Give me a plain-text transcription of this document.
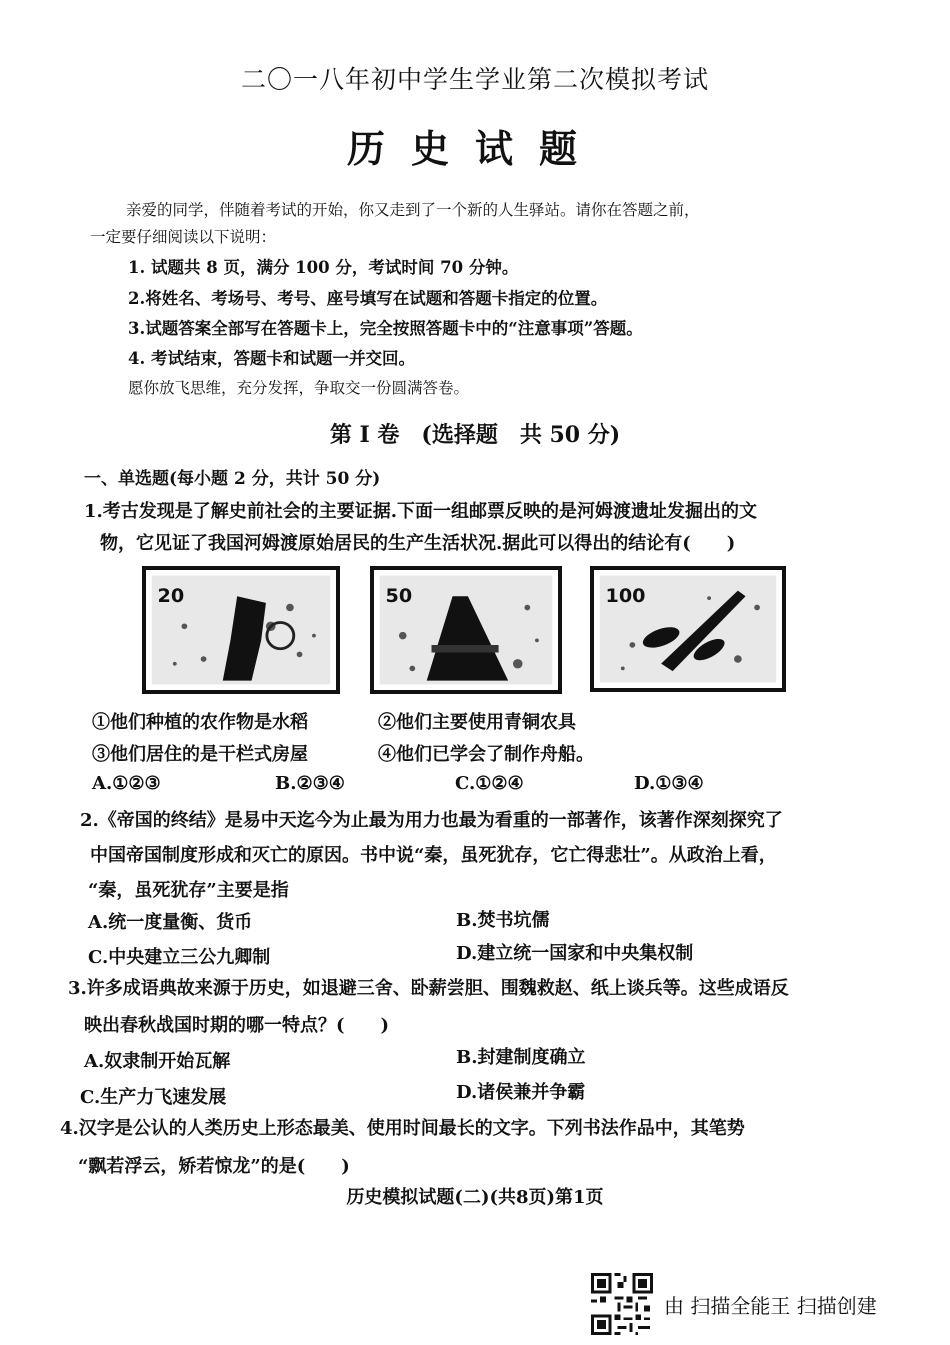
二〇一八年初中学生学业第二次模拟考试
历史试题
亲爱的同学，伴随着考试的开始，你又走到了一个新的人生驿站。请你在答题之前，
一定要仔细阅读以下说明：
1. 试题共 8 页，满分 100 分，考试时间 70 分钟。
2.将姓名、考场号、考号、座号填写在试题和答题卡指定的位置。
3.试题答案全部写在答题卡上，完全按照答题卡中的“注意事项”答题。
4. 考试结束，答题卡和试题一并交回。
愿你放飞思维，充分发挥，争取交一份圆满答卷。
第 I 卷　(选择题　共 50 分)
一、单选题(每小题 2 分，共计 50 分)
1.考古发现是了解史前社会的主要证据.下面一组邮票反映的是河姆渡遗址发掘出的文
物，它见证了我国河姆渡原始居民的生产生活状况.据此可以得出的结论有(　　)
20	50	100
①他们种植的农作物是水稻	②他们主要使用青铜农具
③他们居住的是干栏式房屋	④他们已学会了制作舟船。
A.①②③	B.②③④	C.①②④	D.①③④
2.《帝国的终结》是易中天迄今为止最为用力也最为看重的一部著作，该著作深刻探究了
中国帝国制度形成和灭亡的原因。书中说“秦，虽死犹存，它亡得悲壮”。从政治上看，
“秦，虽死犹存”主要是指
A.统一度量衡、货币	B.焚书坑儒
C.中央建立三公九卿制	D.建立统一国家和中央集权制
3.许多成语典故来源于历史，如退避三舍、卧薪尝胆、围魏救赵、纸上谈兵等。这些成语反
映出春秋战国时期的哪一特点？(　　)
A.奴隶制开始瓦解	B.封建制度确立
C.生产力飞速发展	D.诸侯兼并争霸
4.汉字是公认的人类历史上形态最美、使用时间最长的文字。下列书法作品中，其笔势
“飘若浮云，矫若惊龙”的是(　　)
历史模拟试题(二)(共8页)第1页
由 扫描全能王 扫描创建
